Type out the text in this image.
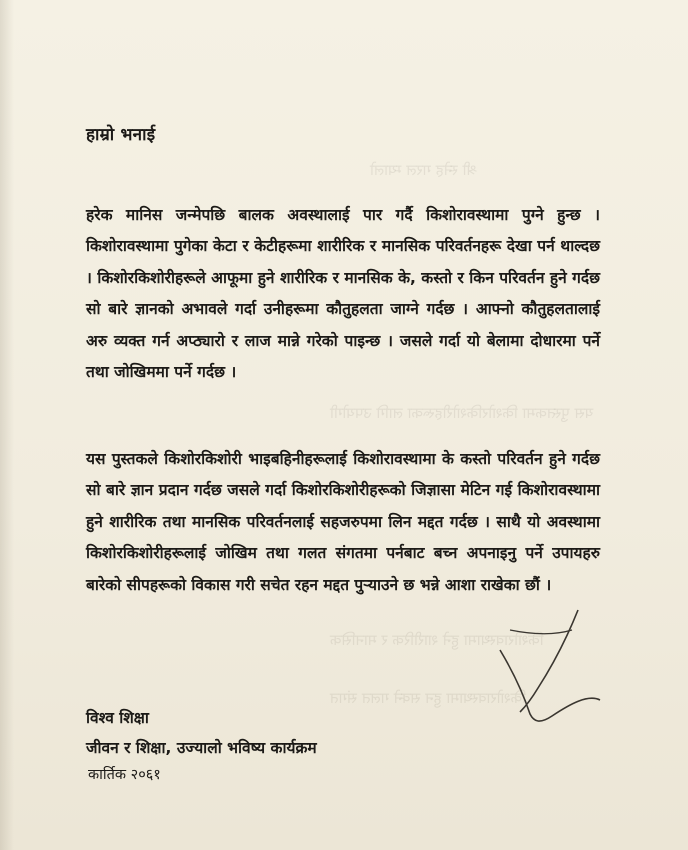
श्री स्नेह गरल म्यालो
यस पुस्तकमा किशोरकिशोरीहरूका लागि उपयोगी
किशोरावस्थामा हुने शारीरिक र मानसिक
किशोरावस्थामा हुन सक्ने गलत संगत
हाम्रो भनाई

हरेक मानिस जन्मेपछि बालक अवस्थालाई पार गर्दै किशोरावस्थामा पुग्ने हुन्छ । किशोरावस्थामा पुगेका केटा र केटीहरूमा शारीरिक र मानसिक परिवर्तनहरू देखा पर्न थाल्दछ । किशोरकिशोरीहरूले आफूमा हुने शारीरिक र मानसिक के, कस्तो र किन परिवर्तन हुने गर्दछ सो बारे ज्ञानको अभावले गर्दा उनीहरूमा कौतुहलता जाग्ने गर्दछ । आफ्नो कौतुहलतालाई अरु व्यक्त गर्न अप्ठ्यारो र लाज मान्ने गरेको पाइन्छ । जसले गर्दा यो बेलामा दोधारमा पर्ने तथा जोखिममा पर्ने गर्दछ ।

यस पुस्तकले किशोरकिशोरी भाइबहिनीहरूलाई किशोरावस्थामा के कस्तो परिवर्तन हुने गर्दछ सो बारे ज्ञान प्रदान गर्दछ जसले गर्दा किशोरकिशोरीहरूको जिज्ञासा मेटिन गई किशोरावस्थामा हुने शारीरिक तथा मानसिक परिवर्तनलाई सहजरुपमा लिन मद्दत गर्दछ । साथै यो अवस्थामा किशोरकिशोरीहरूलाई जोखिम तथा गलत संगतमा पर्नबाट बच्न अपनाइनु पर्ने उपायहरु बारेको सीपहरूको विकास गरी सचेत रहन मद्दत पुऱ्याउने छ भन्ने आशा राखेका छौं ।

विश्व शिक्षा
जीवन र शिक्षा, उज्यालो भविष्य कार्यक्रम
कार्तिक २०६१
